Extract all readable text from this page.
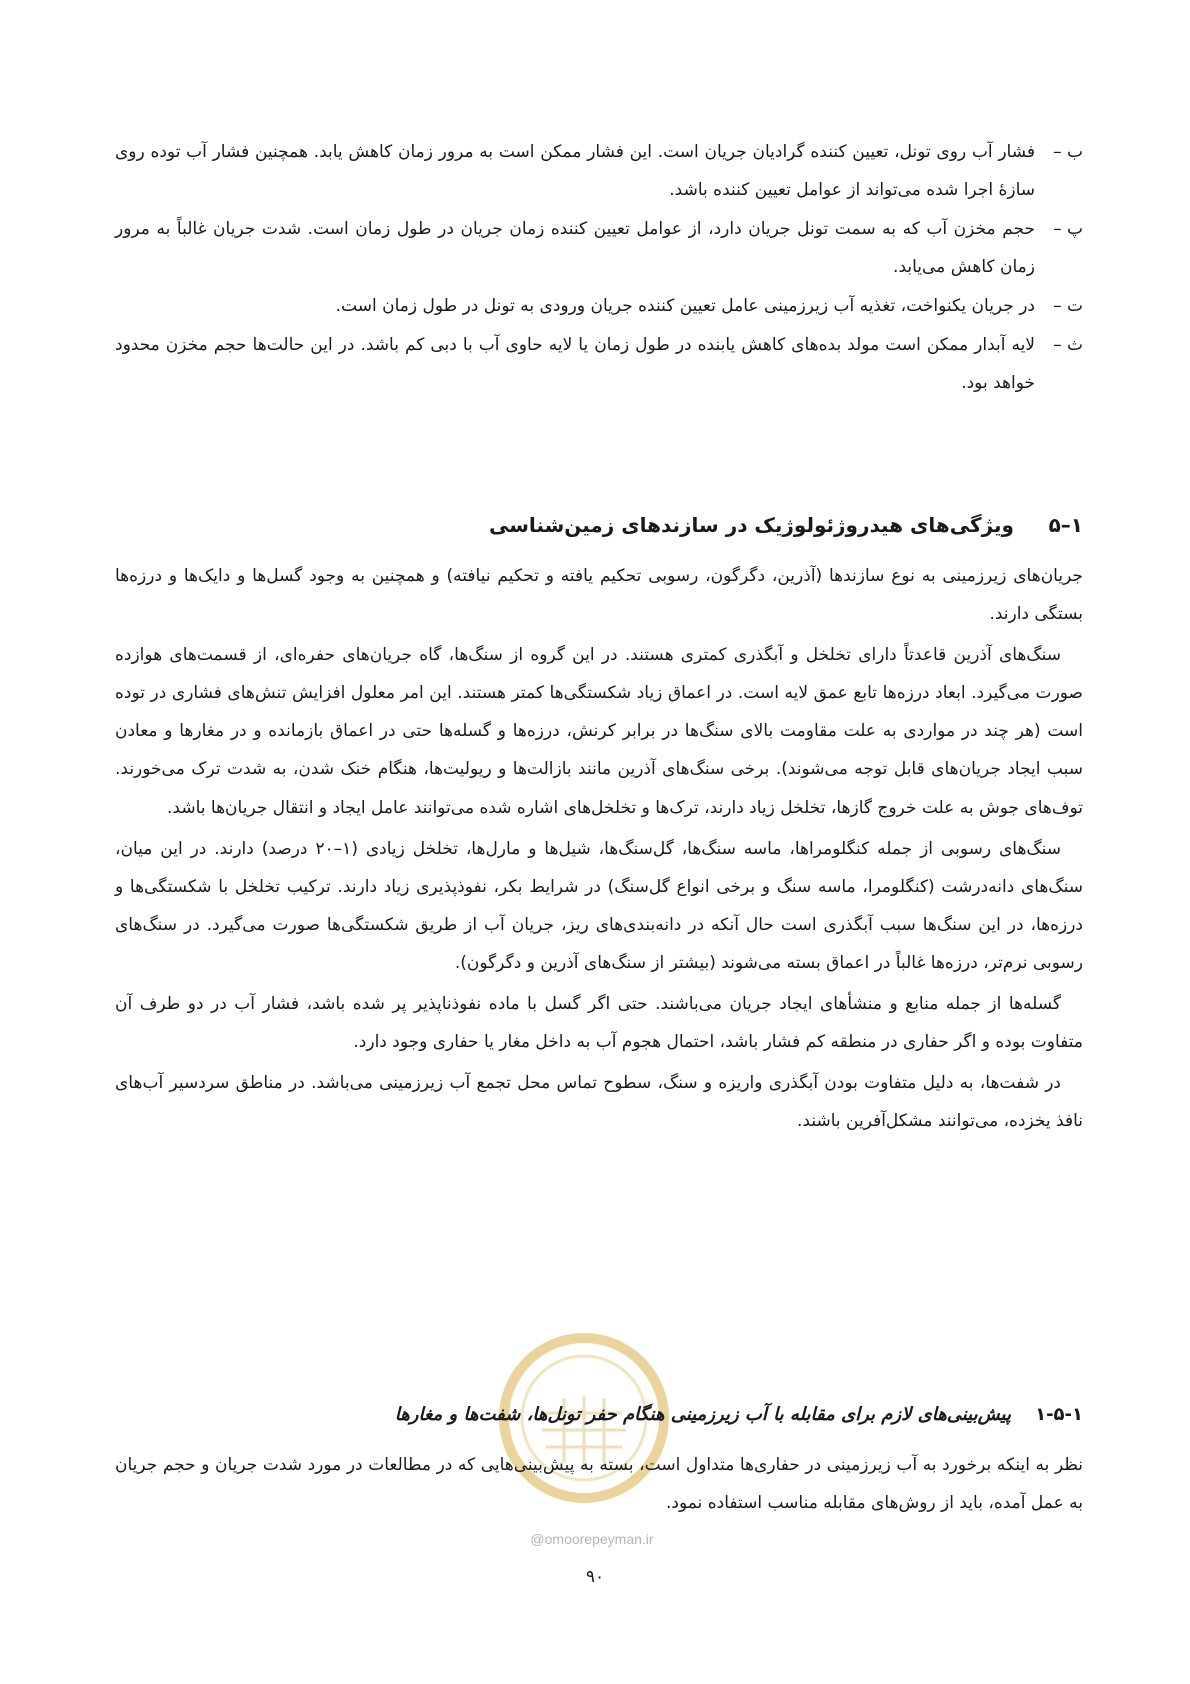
ب –
فشار آب روی تونل، تعیین کننده گرادیان جریان است. این فشار ممکن است به مرور زمان کاهش یابد. همچنین فشار آب توده روی سازهٔ اجرا شده می‌تواند از عوامل تعیین کننده باشد.
پ –
حجم مخزن آب که به سمت تونل جریان دارد، از عوامل تعیین کننده زمان جریان در طول زمان است. شدت جریان غالباً به مرور زمان کاهش می‌یابد.
ت –
در جریان یکنواخت، تغذیه آب زیرزمینی عامل تعیین کننده جریان ورودی به تونل در طول زمان است.
ث –
لایه آبدار ممکن است مولد بده‌های کاهش یابنده در طول زمان یا لایه حاوی آب با دبی کم باشد. در این حالت‌ها حجم مخزن محدود خواهد بود.
۱–۵
ویژگی‌های هیدروژئولوژیک در سازندهای زمین‌شناسی

جریان‌های زیرزمینی به نوع سازندها (آذرین، دگرگون، رسوبی تحکیم یافته و تحکیم نیافته) و همچنین به وجود گسل‌ها و دایک‌ها و درزه‌ها بستگی دارند.

سنگ‌های آذرین قاعدتاً دارای تخلخل و آبگذری کمتری هستند. در این گروه از سنگ‌ها، گاه جریان‌های حفره‌ای، از قسمت‌های هوازده صورت می‌گیرد. ابعاد درزه‌ها تابع عمق لایه است. در اعماق زیاد شکستگی‌ها کمتر هستند. این امر معلول افزایش تنش‌های فشاری در توده است (هر چند در مواردی به علت مقاومت بالای سنگ‌ها در برابر کرنش، درزه‌ها و گسله‌ها حتی در اعماق بازمانده و در مغارها و معادن سبب ایجاد جریان‌های قابل توجه می‌شوند). برخی سنگ‌های آذرین مانند بازالت‌ها و ریولیت‌ها، هنگام خنک شدن، به شدت ترک می‌خورند. توف‌های جوش به علت خروج گازها، تخلخل زیاد دارند، ترک‌ها و تخلخل‌های اشاره شده می‌توانند عامل ایجاد و انتقال جریان‌ها باشد.

سنگ‌های رسوبی از جمله کنگلومراها، ماسه سنگ‌ها، گل‌سنگ‌ها، شیل‌ها و مارل‌ها، تخلخل زیادی (۱–۲۰ درصد) دارند. در این میان، سنگ‌های دانه‌درشت (کنگلومرا، ماسه سنگ و برخی انواع گل‌سنگ) در شرایط بکر، نفوذپذیری زیاد دارند. ترکیب تخلخل با شکستگی‌ها و درزه‌ها، در این سنگ‌ها سبب آبگذری است حال آنکه در دانه‌بندی‌های ریز، جریان آب از طریق شکستگی‌ها صورت می‌گیرد. در سنگ‌های رسوبی نرم‌تر، درزه‌ها غالباً در اعماق بسته می‌شوند (بیشتر از سنگ‌های آذرین و دگرگون).

گسله‌ها از جمله منابع و منشأهای ایجاد جریان می‌باشند. حتی اگر گسل با ماده نفوذناپذیر پر شده باشد، فشار آب در دو طرف آن متفاوت بوده و اگر حفاری در منطقه کم فشار باشد، احتمال هجوم آب به داخل مغار یا حفاری وجود دارد.

در شفت‌ها، به دلیل متفاوت بودن آبگذری واریزه و سنگ، سطوح تماس محل تجمع آب زیرزمینی می‌باشد. در مناطق سردسیر آب‌های نافذ یخزده، می‌توانند مشکل‌آفرین باشند.

@omoorepeyman.ir
۱-۵-۱
پیش‌بینی‌های لازم برای مقابله با آب زیرزمینی هنگام حفر تونل‌ها، شفت‌ها و مغارها

نظر به اینکه برخورد به آب زیرزمینی در حفاری‌ها متداول است، بسته به پیش‌بینی‌هایی که در مطالعات در مورد شدت جریان و حجم جریان به عمل آمده، باید از روش‌های مقابله مناسب استفاده نمود.

۹۰
